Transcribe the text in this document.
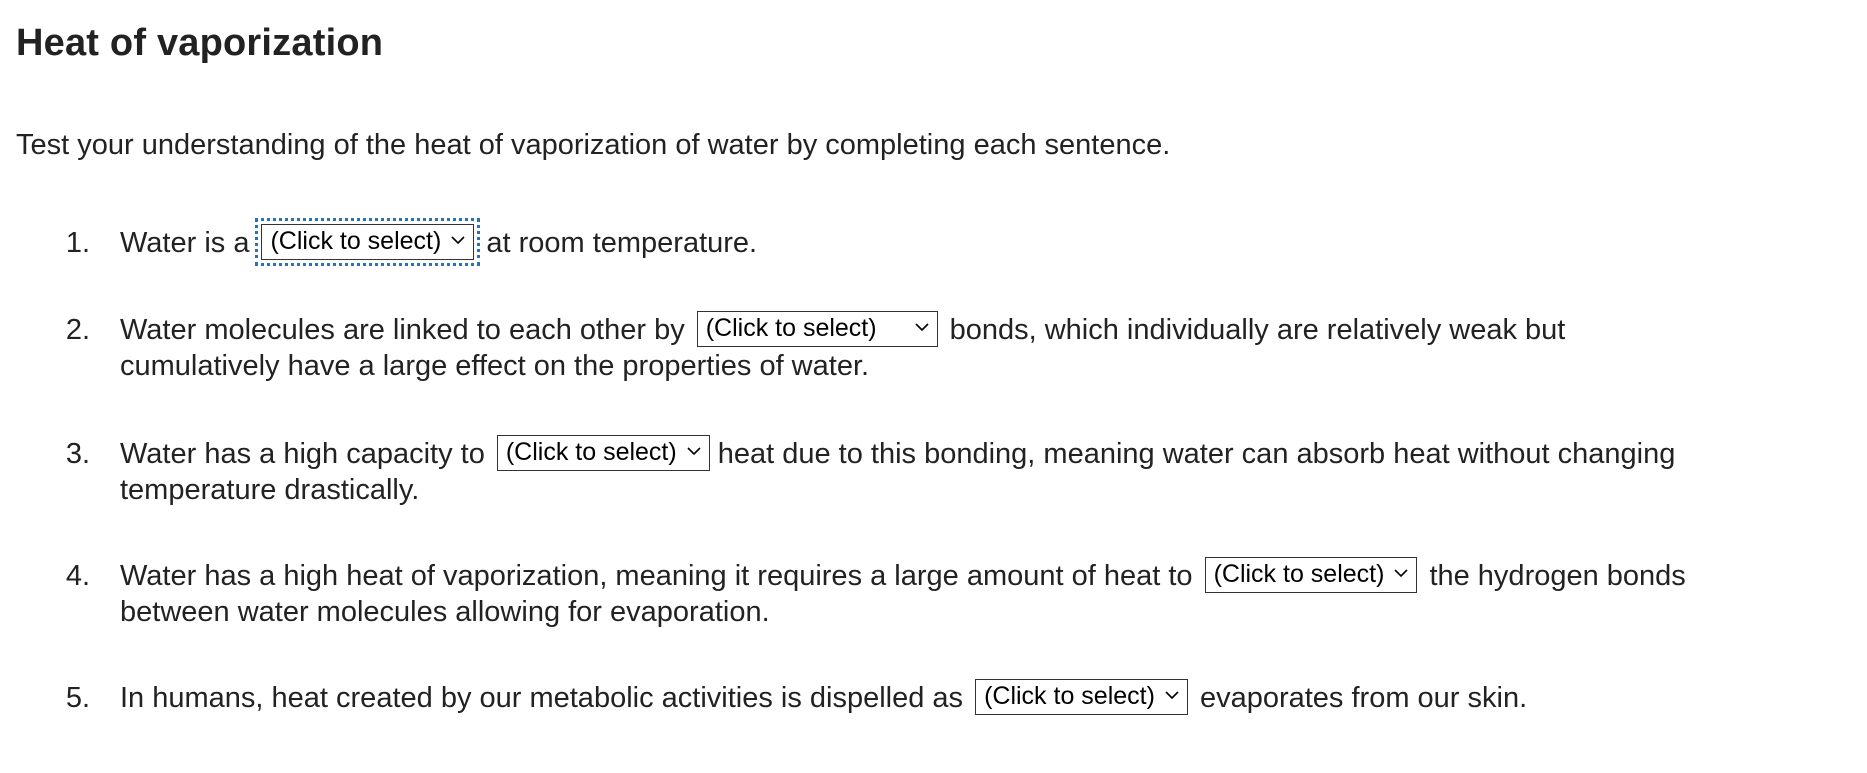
Heat of vaporization

Test your understanding of the heat of vaporization of water by completing each sentence.

1. Water is a (Click to select) at room temperature.
2. Water molecules are linked to each other by (Click to select)	bonds, which individually are relatively weak but
cumulatively have a large effect on the properties of water.
3. Water has a high capacity to (Click to select) heat due to this bonding, meaning water can absorb heat without changing
temperature drastically.
4. Water has a high heat of vaporization, meaning it requires a large amount of heat to (Click to select) the hydrogen bonds
between water molecules allowing for evaporation.
5. In humans, heat created by our metabolic activities is dispelled as (Click to select) evaporates from our skin.
